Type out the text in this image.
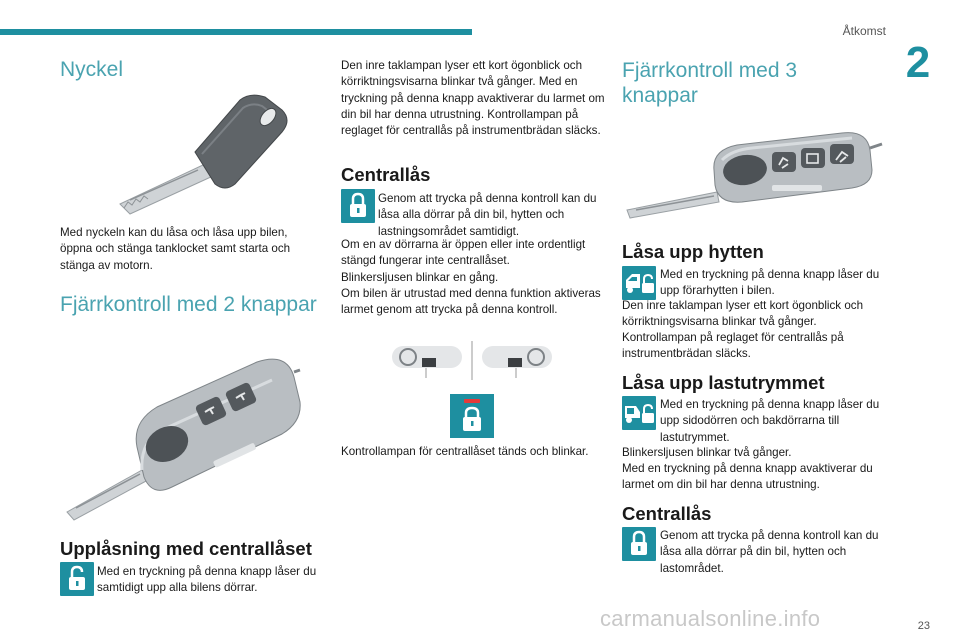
Åtkomst
2
Nyckel
Med nyckeln kan du låsa och låsa upp bilen, öppna och stänga tanklocket samt starta och stänga av motorn.
Fjärrkontroll med 2 knappar
Upplåsning med centrallåset
Med en tryckning på denna knapp låser du samtidigt upp alla bilens dörrar.
Den inre taklampan lyser ett kort ögonblick och körriktningsvisarna blinkar två gånger. Med en tryckning på denna knapp avaktiverar du larmet om din bil har denna utrustning. Kontrollampan på reglaget för centrallås på instrumentbrädan släcks.
Centrallås
Genom att trycka på denna kontroll kan du låsa alla dörrar på din bil, hytten och lastningsområdet samtidigt.
Om en av dörrarna är öppen eller inte ordentligt stängd fungerar inte centrallåset.
Blinkersljusen blinkar en gång.
Om bilen är utrustad med denna funktion aktiveras larmet genom att trycka på denna kontroll.
Kontrollampan för centrallåset tänds och blinkar.
Fjärrkontroll med 3 knappar
Låsa upp hytten
Med en tryckning på denna knapp låser du upp förarhytten i bilen.
Den inre taklampan lyser ett kort ögonblick och körriktningsvisarna blinkar två gånger.
Kontrollampan på reglaget för centrallås på instrumentbrädan släcks.
Låsa upp lastutrymmet
Med en tryckning på denna knapp låser du upp sidodörren och bakdörrarna till lastutrymmet.
Blinkersljusen blinkar två gånger.
Med en tryckning på denna knapp avaktiverar du larmet om din bil har denna utrustning.
Centrallås
Genom att trycka på denna kontroll kan du låsa alla dörrar på din bil, hytten och lastområdet.
carmanualsonline.info	23
